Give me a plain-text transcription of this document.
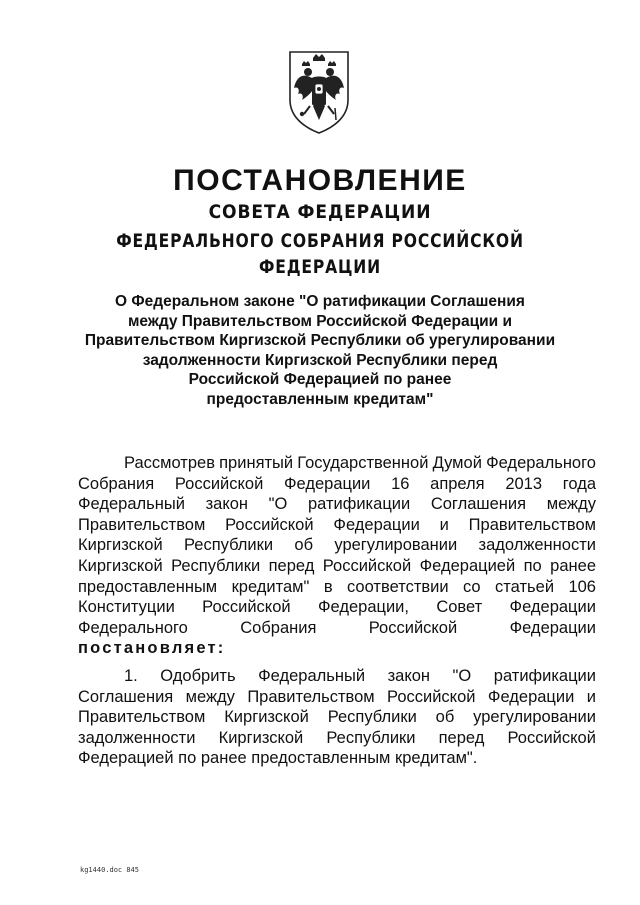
ПОСТАНОВЛЕНИЕ
СОВЕТА ФЕДЕРАЦИИ
ФЕДЕРАЛЬНОГО СОБРАНИЯ РОССИЙСКОЙ ФЕДЕРАЦИИ
О Федеральном законе "О ратификации Соглашения
между Правительством Российской Федерации и
Правительством Киргизской Республики об урегулировании
задолженности Киргизской Республики перед
Российской Федерацией по ранее
предоставленным кредитам"
Рассмотрев принятый Государственной Думой Федерального
Собрания Российской Федерации 16 апреля 2013 года
Федеральный закон "О ратификации Соглашения между
Правительством Российской Федерации и Правительством
Киргизской Республики об урегулировании задолженности
Киргизской Республики перед Российской Федерацией по ранее
предоставленным кредитам" в соответствии со статьей 106
Конституции Российской Федерации, Совет Федерации
Федерального	Собрания	Российской	Федерации
постановляет:
1. Одобрить Федеральный закон "О ратификации
Соглашения между Правительством Российской Федерации и
Правительством Киргизской Республики об урегулировании
задолженности Киргизской Республики перед Российской
Федерацией по ранее предоставленным кредитам".
kg1440.doc 845
